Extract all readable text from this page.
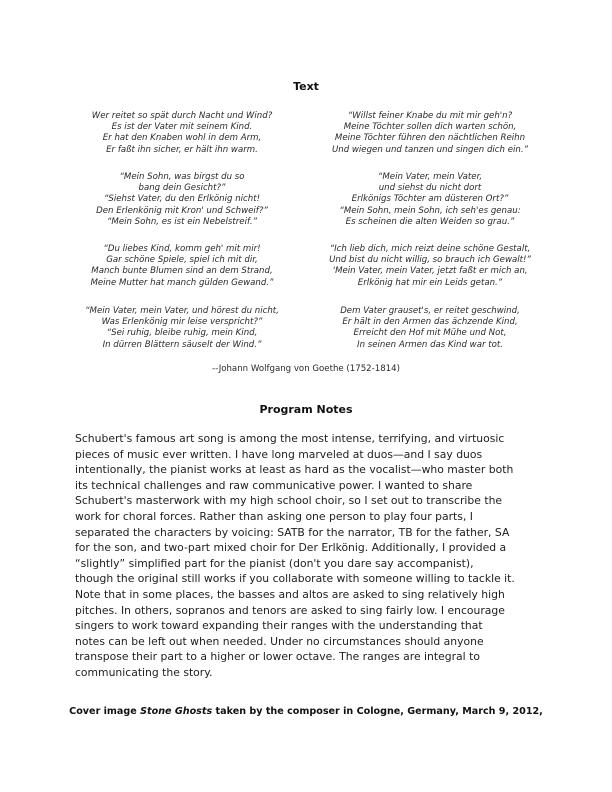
Text
Wer reitet so spät durch Nacht und Wind?
Es ist der Vater mit seinem Kind.
Er hat den Knaben wohl in dem Arm,
Er faßt ihn sicher, er hält ihn warm.
“Mein Sohn, was birgst du so
bang dein Gesicht?”
“Siehst Vater, du den Erlkönig nicht!
Den Erlenkönig mit Kron' und Schweif?”
“Mein Sohn, es ist ein Nebelstreif.”
“Du liebes Kind, komm geh' mit mir!
Gar schöne Spiele, spiel ich mit dir,
Manch bunte Blumen sind an dem Strand,
Meine Mutter hat manch gülden Gewand.”
“Mein Vater, mein Vater, und hörest du nicht,
Was Erlenkönig mir leise verspricht?”
“Sei ruhig, bleibe ruhig, mein Kind,
In dürren Blättern säuselt der Wind.”
“Willst feiner Knabe du mit mir geh'n?
Meine Töchter sollen dich warten schön,
Meine Töchter führen den nächtlichen Reihn
Und wiegen und tanzen und singen dich ein.”
“Mein Vater, mein Vater,
und siehst du nicht dort
Erlkönigs Töchter am düsteren Ort?”
“Mein Sohn, mein Sohn, ich seh'es genau:
Es scheinen die alten Weiden so grau.”
“Ich lieb dich, mich reizt deine schöne Gestalt,
Und bist du nicht willig, so brauch ich Gewalt!”
‘Mein Vater, mein Vater, jetzt faßt er mich an,
Erlkönig hat mir ein Leids getan.”
Dem Vater grauset's, er reitet geschwind,
Er hält in den Armen das ächzende Kind,
Erreicht den Hof mit Mühe und Not,
In seinen Armen das Kind war tot.
--Johann Wolfgang von Goethe (1752-1814)
Program Notes
Schubert's famous art song is among the most intense, terrifying, and virtuosic
pieces of music ever written. I have long marveled at duos—and I say duos
intentionally, the pianist works at least as hard as the vocalist—who master both
its technical challenges and raw communicative power. I wanted to share
Schubert's masterwork with my high school choir, so I set out to transcribe the
work for choral forces. Rather than asking one person to play four parts, I
separated the characters by voicing: SATB for the narrator, TB for the father, SA
for the son, and two-part mixed choir for Der Erlkönig. Additionally, I provided a
“slightly” simplified part for the pianist (don't you dare say accompanist),
though the original still works if you collaborate with someone willing to tackle it.
Note that in some places, the basses and altos are asked to sing relatively high
pitches. In others, sopranos and tenors are asked to sing fairly low. I encourage
singers to work toward expanding their ranges with the understanding that
notes can be left out when needed. Under no circumstances should anyone
transpose their part to a higher or lower octave. The ranges are integral to
communicating the story.
Cover image Stone Ghosts taken by the composer in Cologne, Germany, March 9, 2012,
